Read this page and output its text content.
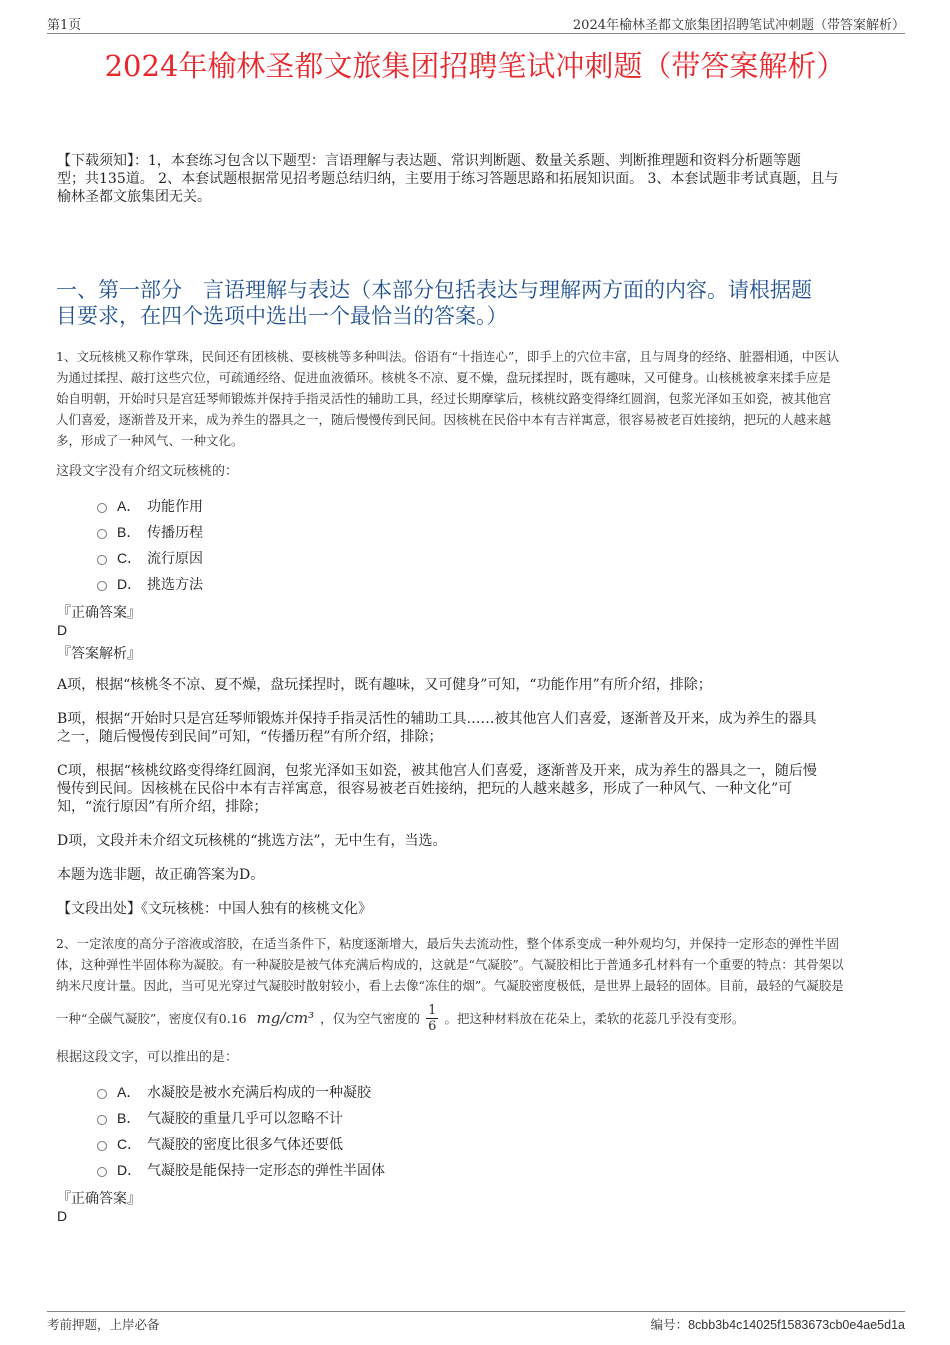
第1页	2024年榆林圣都文旅集团招聘笔试冲刺题（带答案解析）
2024年榆林圣都文旅集团招聘笔试冲刺题（带答案解析）
【下载须知】：1，本套练习包含以下题型：言语理解与表达题、常识判断题、数量关系题、判断推理题和资料分析题等题
型；共135道。 2、本套试题根据常见招考题总结归纳，主要用于练习答题思路和拓展知识面。 3、本套试题非考试真题，且与
榆林圣都文旅集团无关。
一、第一部分　言语理解与表达（本部分包括表达与理解两方面的内容。请根据题
目要求，在四个选项中选出一个最恰当的答案。）
1、文玩核桃又称作掌珠，民间还有团核桃、耍核桃等多种叫法。俗语有“十指连心”，即手上的穴位丰富，且与周身的经络、脏器相通，中医认
为通过揉捏、敲打这些穴位，可疏通经络、促进血液循环。核桃冬不凉、夏不燥，盘玩揉捏时，既有趣味，又可健身。山核桃被拿来揉手应是
始自明朝，开始时只是宫廷琴师锻炼并保持手指灵活性的辅助工具，经过长期摩挲后，核桃纹路变得绛红圆润，包浆光泽如玉如瓷，被其他宫
人们喜爱，逐渐普及开来，成为养生的器具之一，随后慢慢传到民间。因核桃在民俗中本有吉祥寓意，很容易被老百姓接纳，把玩的人越来越
多，形成了一种风气、一种文化。
这段文字没有介绍文玩核桃的：
A． 功能作用
B． 传播历程
C． 流行原因
D． 挑选方法
『正确答案』
D
『答案解析』
A项，根据“核桃冬不凉、夏不燥，盘玩揉捏时，既有趣味，又可健身”可知，“功能作用”有所介绍，排除；
B项，根据“开始时只是宫廷琴师锻炼并保持手指灵活性的辅助工具……被其他宫人们喜爱，逐渐普及开来，成为养生的器具
之一，随后慢慢传到民间”可知，“传播历程”有所介绍，排除；
C项，根据“核桃纹路变得绛红圆润，包浆光泽如玉如瓷，被其他宫人们喜爱，逐渐普及开来，成为养生的器具之一，随后慢
慢传到民间。因核桃在民俗中本有吉祥寓意，很容易被老百姓接纳，把玩的人越来越多，形成了一种风气、一种文化”可
知，“流行原因”有所介绍，排除；
D项，文段并未介绍文玩核桃的“挑选方法”，无中生有，当选。
本题为选非题，故正确答案为D。
【文段出处】《文玩核桃：中国人独有的核桃文化》
2、一定浓度的高分子溶液或溶胶，在适当条件下，粘度逐渐增大，最后失去流动性，整个体系变成一种外观均匀，并保持一定形态的弹性半固
体，这种弹性半固体称为凝胶。有一种凝胶是被气体充满后构成的，这就是“气凝胶”。气凝胶相比于普通多孔材料有一个重要的特点：其骨架以
纳米尺度计量。因此，当可见光穿过气凝胶时散射较小，看上去像“冻住的烟”。气凝胶密度极低，是世界上最轻的固体。目前，最轻的气凝胶是
一种“全碳气凝胶”，密度仅有0.16 mg/cm³ ，仅为空气密度的 $\frac{1}{6}$ 。把这种材料放在花朵上，柔软的花蕊几乎没有变形。
根据这段文字，可以推出的是：
A． 水凝胶是被水充满后构成的一种凝胶
B． 气凝胶的重量几乎可以忽略不计
C． 气凝胶的密度比很多气体还要低
D． 气凝胶是能保持一定形态的弹性半固体
『正确答案』
D
考前押题，上岸必备	编号：8cbb3b4c14025f1583673cb0e4ae5d1a
